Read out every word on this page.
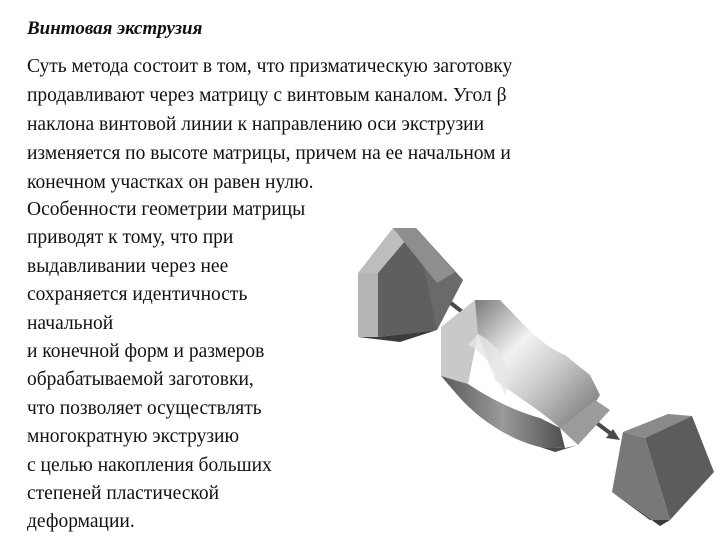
Винтовая экструзия

Суть метода состоит в том, что призматическую заготовку
продавливают через матрицу с винтовым каналом. Угол β
наклона винтовой линии к направлению оси экструзии
изменяется по высоте матрицы, причем на ее начальном и
конечном участках он равен нулю.

Особенности геометрии матрицы
приводят к тому, что при
выдавливании через нее
сохраняется идентичность
начальной
и конечной форм и размеров
обрабатываемой заготовки,
что позволяет осуществлять
многократную экструзию
с целью накопления больших
степеней пластической
деформации.
